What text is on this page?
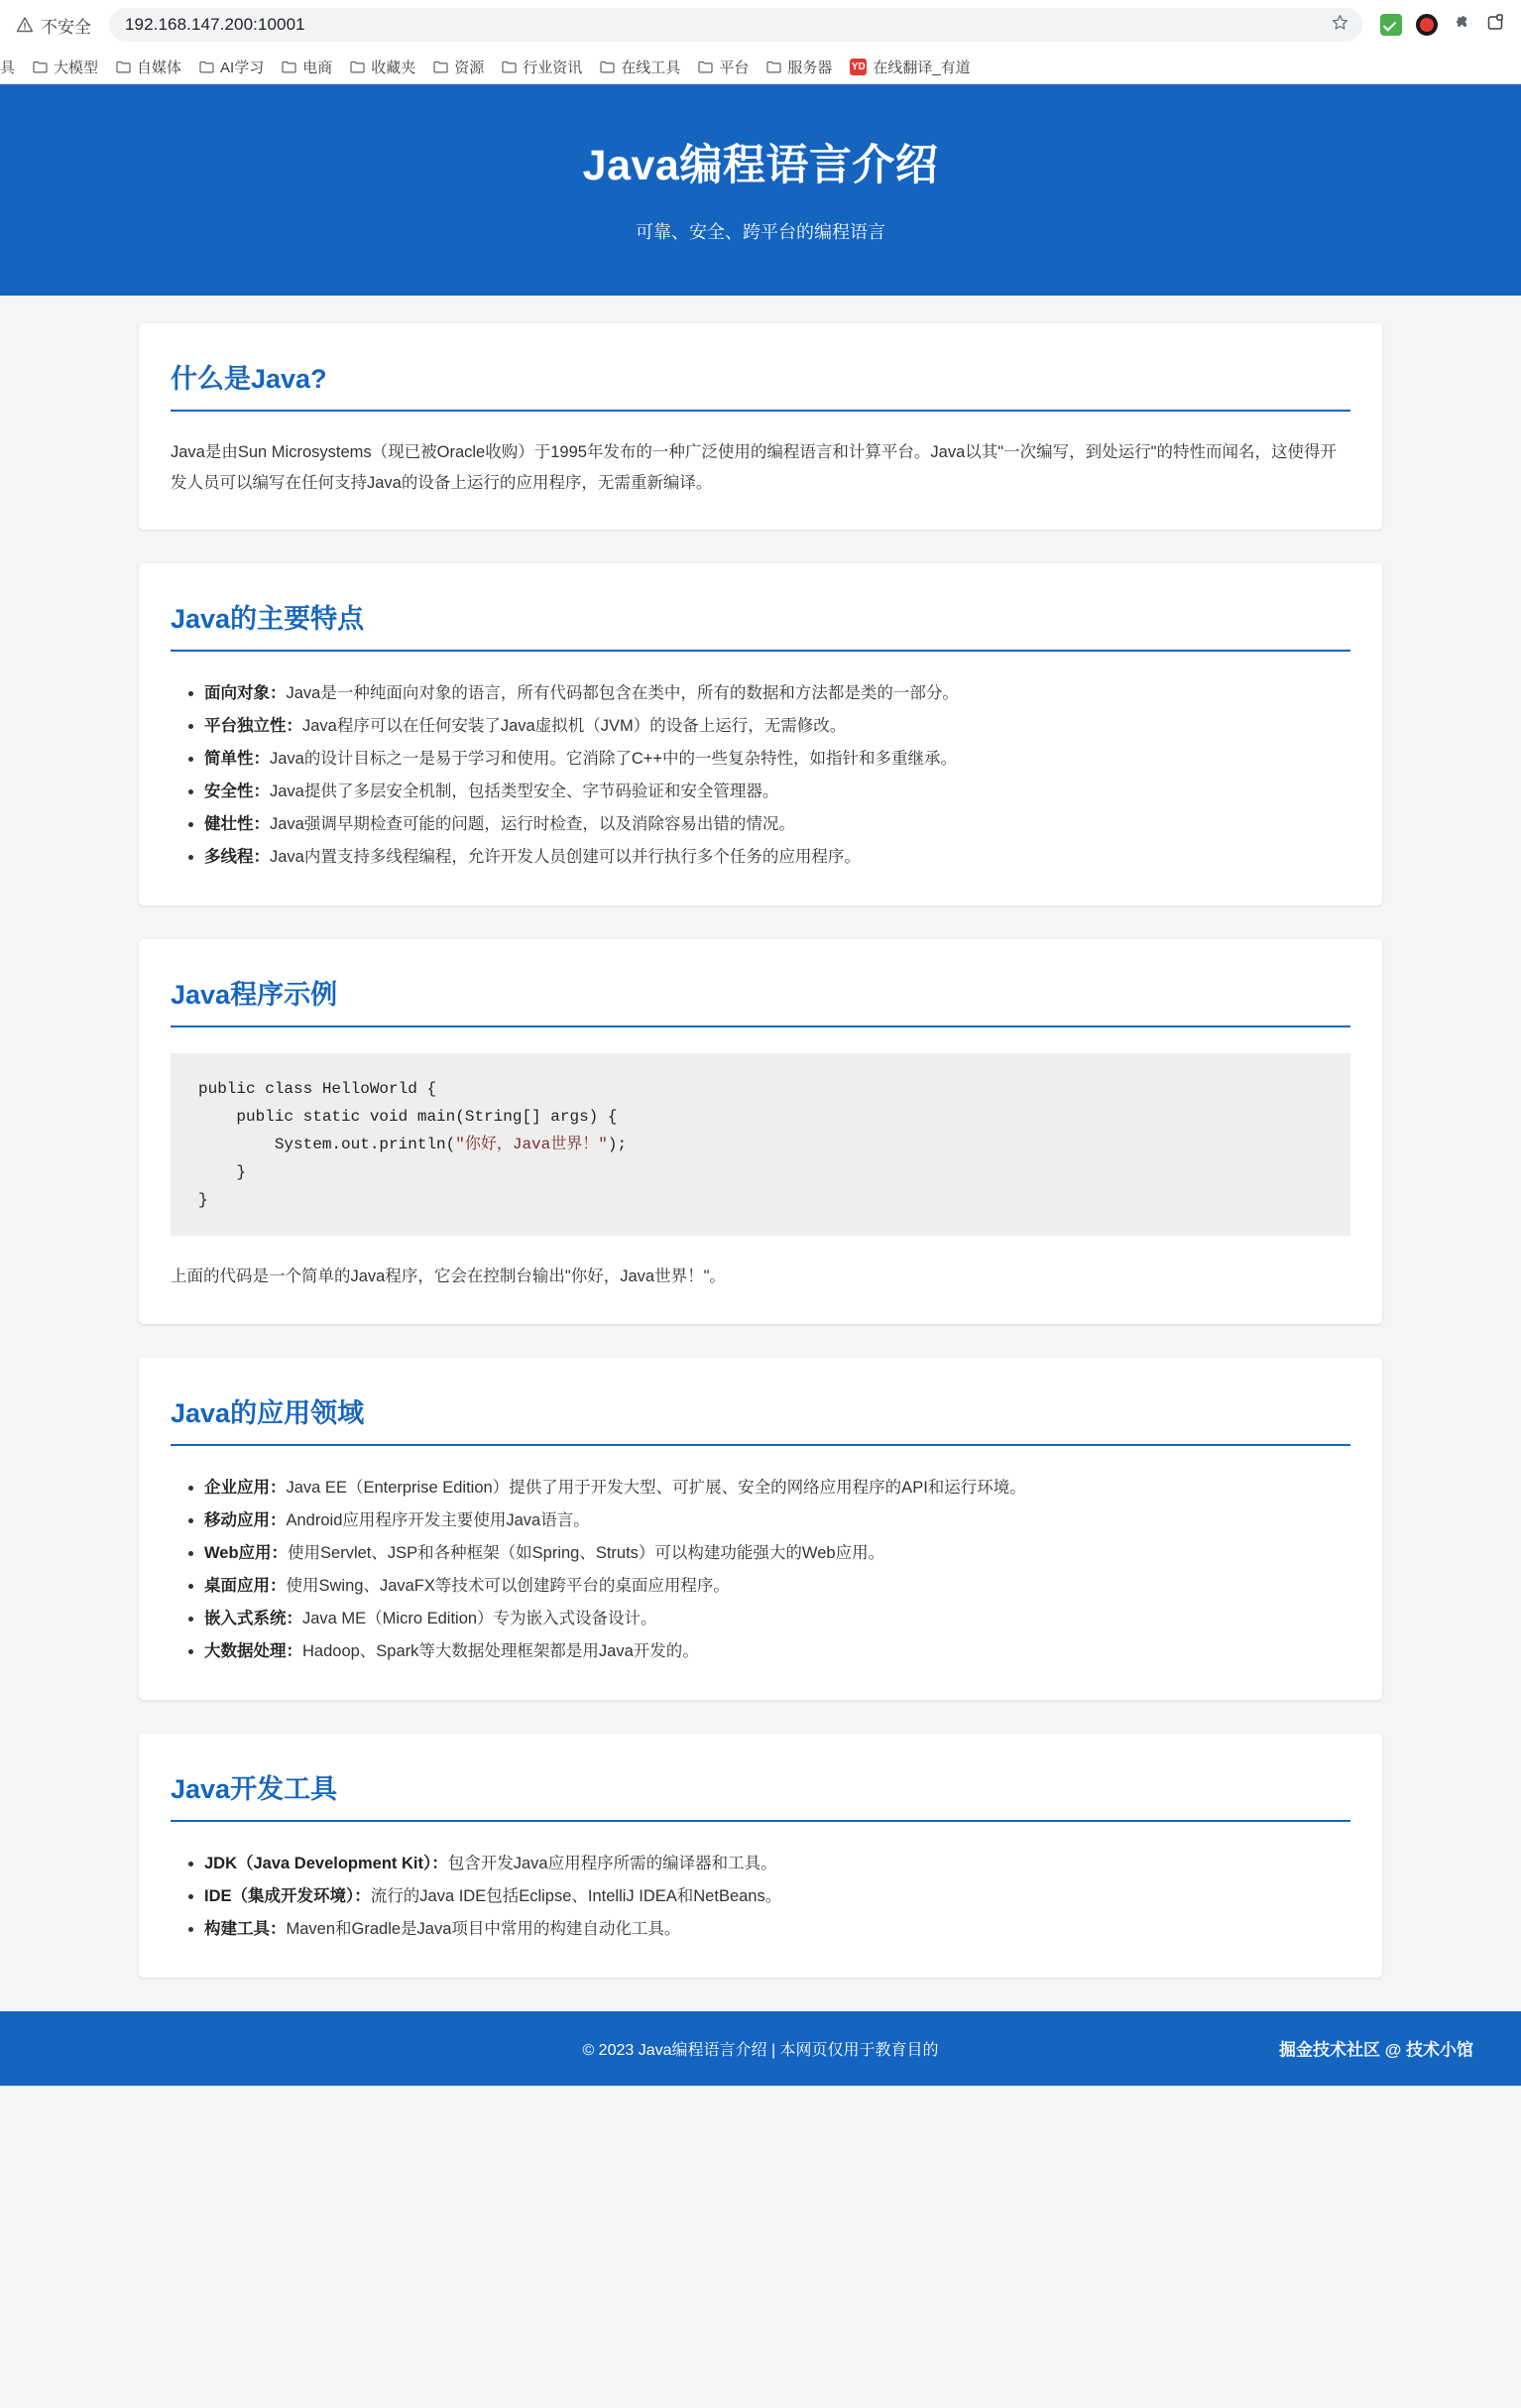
不安全 192.168.147.200:10001
具	大模型	自媒体	AI学习	电商	收藏夹	资源	行业资讯	在线工具	平台	服务器 YD 在线翻译_有道
Java编程语言介绍

可靠、安全、跨平台的编程语言

什么是Java?

Java是由Sun Microsystems（现已被Oracle收购）于1995年发布的一种广泛使用的编程语言和计算平台。Java以其"一次编写，到处运行"的特性而闻名，这使得开发人员可以编写在任何支持Java的设备上运行的应用程序，无需重新编译。

Java的主要特点
• 面向对象：Java是一种纯面向对象的语言，所有代码都包含在类中，所有的数据和方法都是类的一部分。
• 平台独立性：Java程序可以在任何安装了Java虚拟机（JVM）的设备上运行，无需修改。
• 简单性：Java的设计目标之一是易于学习和使用。它消除了C++中的一些复杂特性，如指针和多重继承。
• 安全性：Java提供了多层安全机制，包括类型安全、字节码验证和安全管理器。
• 健壮性：Java强调早期检查可能的问题，运行时检查，以及消除容易出错的情况。
• 多线程：Java内置支持多线程编程，允许开发人员创建可以并行执行多个任务的应用程序。
Java程序示例
public class HelloWorld {
public static void main(String[] args) {
System.out.println("你好，Java世界！");
}
}

上面的代码是一个简单的Java程序，它会在控制台输出"你好，Java世界！"。

Java的应用领域
• 企业应用：Java EE（Enterprise Edition）提供了用于开发大型、可扩展、安全的网络应用程序的API和运行环境。
• 移动应用：Android应用程序开发主要使用Java语言。
• Web应用：使用Servlet、JSP和各种框架（如Spring、Struts）可以构建功能强大的Web应用。
• 桌面应用：使用Swing、JavaFX等技术可以创建跨平台的桌面应用程序。
• 嵌入式系统：Java ME（Micro Edition）专为嵌入式设备设计。
• 大数据处理：Hadoop、Spark等大数据处理框架都是用Java开发的。
Java开发工具
• JDK（Java Development Kit）：包含开发Java应用程序所需的编译器和工具。
• IDE（集成开发环境）：流行的Java IDE包括Eclipse、IntelliJ IDEA和NetBeans。
• 构建工具：Maven和Gradle是Java项目中常用的构建自动化工具。
© 2023 Java编程语言介绍 | 本网页仅用于教育目的	掘金技术社区 @ 技术小馆
